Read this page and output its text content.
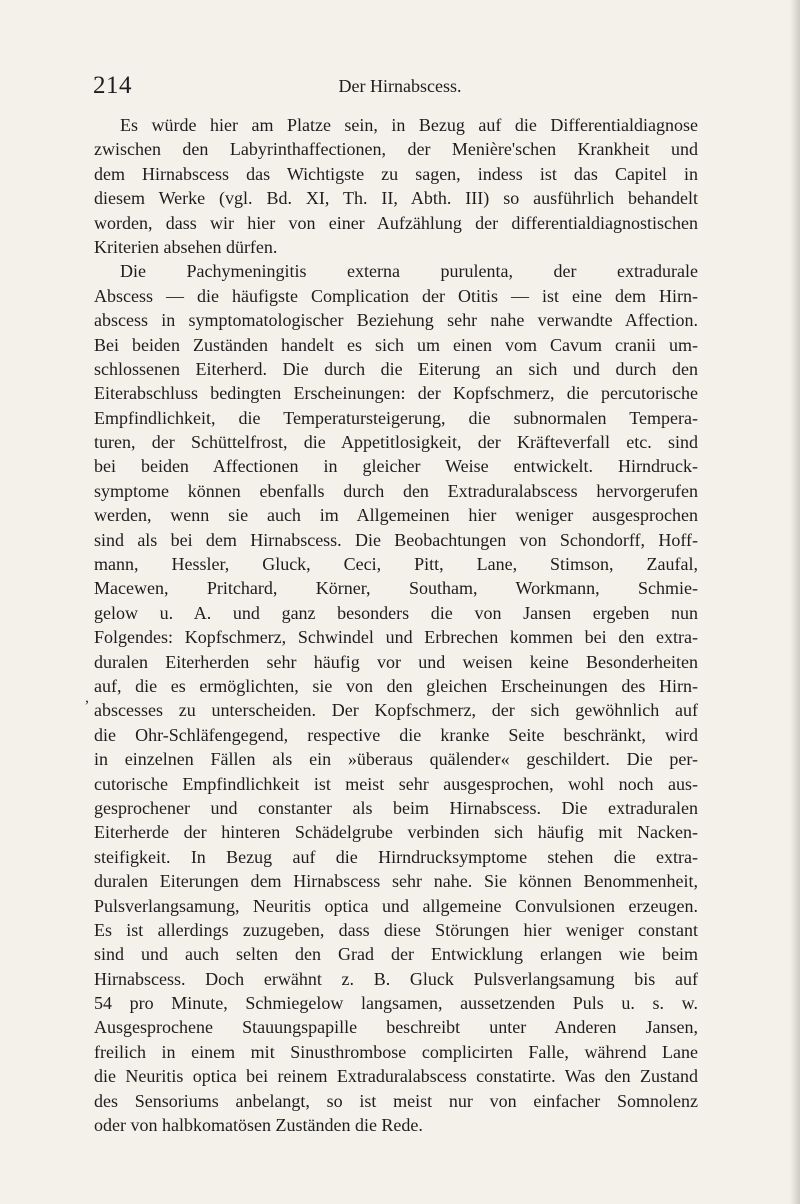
214	Der Hirnabscess.
,
Es würde hier am Platze sein, in Bezug auf die Differentialdiagnose
zwischen den Labyrinthaffectionen, der Menière'schen Krankheit und
dem Hirnabscess das Wichtigste zu sagen, indess ist das Capitel in
diesem Werke (vgl. Bd. XI, Th. II, Abth. III) so ausführlich behandelt
worden, dass wir hier von einer Aufzählung der differentialdiagnostischen
Kriterien absehen dürfen.
Die Pachymeningitis externa purulenta, der extradurale
Abscess — die häufigste Complication der Otitis — ist eine dem Hirn-
abscess in symptomatologischer Beziehung sehr nahe verwandte Affection.
Bei beiden Zuständen handelt es sich um einen vom Cavum cranii um-
schlossenen Eiterherd. Die durch die Eiterung an sich und durch den
Eiterabschluss bedingten Erscheinungen: der Kopfschmerz, die percutorische
Empfindlichkeit, die Temperatursteigerung, die subnormalen Tempera-
turen, der Schüttelfrost, die Appetitlosigkeit, der Kräfteverfall etc. sind
bei beiden Affectionen in gleicher Weise entwickelt. Hirndruck-
symptome können ebenfalls durch den Extraduralabscess hervorgerufen
werden, wenn sie auch im Allgemeinen hier weniger ausgesprochen
sind als bei dem Hirnabscess. Die Beobachtungen von Schondorff, Hoff-
mann, Hessler, Gluck, Ceci, Pitt, Lane, Stimson, Zaufal,
Macewen, Pritchard, Körner, Southam, Workmann, Schmie-
gelow u. A. und ganz besonders die von Jansen ergeben nun
Folgendes: Kopfschmerz, Schwindel und Erbrechen kommen bei den extra-
duralen Eiterherden sehr häufig vor und weisen keine Besonderheiten
auf, die es ermöglichten, sie von den gleichen Erscheinungen des Hirn-
abscesses zu unterscheiden. Der Kopfschmerz, der sich gewöhnlich auf
die Ohr-Schläfengegend, respective die kranke Seite beschränkt, wird
in einzelnen Fällen als ein »überaus quälender« geschildert. Die per-
cutorische Empfindlichkeit ist meist sehr ausgesprochen, wohl noch aus-
gesprochener und constanter als beim Hirnabscess. Die extraduralen
Eiterherde der hinteren Schädelgrube verbinden sich häufig mit Nacken-
steifigkeit. In Bezug auf die Hirndrucksymptome stehen die extra-
duralen Eiterungen dem Hirnabscess sehr nahe. Sie können Benommenheit,
Pulsverlangsamung, Neuritis optica und allgemeine Convulsionen erzeugen.
Es ist allerdings zuzugeben, dass diese Störungen hier weniger constant
sind und auch selten den Grad der Entwicklung erlangen wie beim
Hirnabscess. Doch erwähnt z. B. Gluck Pulsverlangsamung bis auf
54 pro Minute, Schmiegelow langsamen, aussetzenden Puls u. s. w.
Ausgesprochene Stauungspapille beschreibt unter Anderen Jansen,
freilich in einem mit Sinusthrombose complicirten Falle, während Lane
die Neuritis optica bei reinem Extraduralabscess constatirte. Was den Zustand
des Sensoriums anbelangt, so ist meist nur von einfacher Somnolenz
oder von halbkomatösen Zuständen die Rede.
